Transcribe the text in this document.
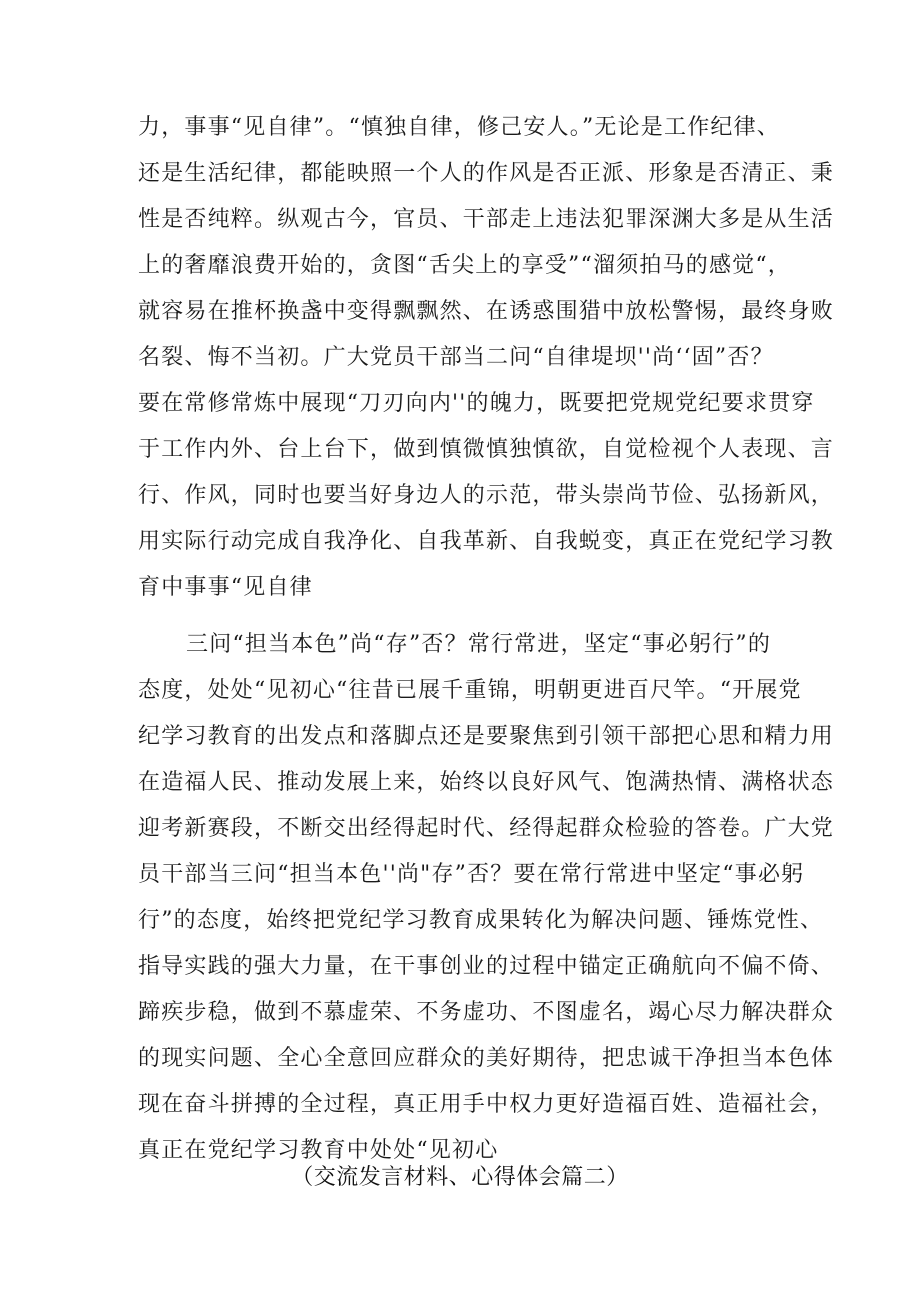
力，事事“见自律”。“慎独自律，修己安人。”无论是工作纪律、
还是生活纪律，都能映照一个人的作风是否正派、形象是否清正、秉
性是否纯粹。纵观古今，官员、干部走上违法犯罪深渊大多是从生活
上的奢靡浪费开始的，贪图“舌尖上的享受”“溜须拍马的感觉“，
就容易在推杯换盏中变得飘飘然、在诱惑围猎中放松警惕，最终身败
名裂、悔不当初。广大党员干部当二问“自律堤坝''尚‘‘固”否？
要在常修常炼中展现“刀刃向内''的魄力，既要把党规党纪要求贯穿
于工作内外、台上台下，做到慎微慎独慎欲，自觉检视个人表现、言
行、作风，同时也要当好身边人的示范，带头崇尚节俭、弘扬新风，
用实际行动完成自我净化、自我革新、自我蜕变，真正在党纪学习教
育中事事“见自律
三问“担当本色”尚“存”否？常行常进，坚定“事必躬行”的
态度，处处“见初心“往昔已展千重锦，明朝更进百尺竿。“开展党
纪学习教育的出发点和落脚点还是要聚焦到引领干部把心思和精力用
在造福人民、推动发展上来，始终以良好风气、饱满热情、满格状态
迎考新赛段，不断交出经得起时代、经得起群众检验的答卷。广大党
员干部当三问“担当本色''尚"存”否？要在常行常进中坚定“事必躬
行”的态度，始终把党纪学习教育成果转化为解决问题、锤炼党性、
指导实践的强大力量，在干事创业的过程中锚定正确航向不偏不倚、
蹄疾步稳，做到不慕虚荣、不务虚功、不图虚名，竭心尽力解决群众
的现实问题、全心全意回应群众的美好期待，把忠诚干净担当本色体
现在奋斗拼搏的全过程，真正用手中权力更好造福百姓、造福社会，
真正在党纪学习教育中处处“见初心
（交流发言材料、心得体会篇二）
